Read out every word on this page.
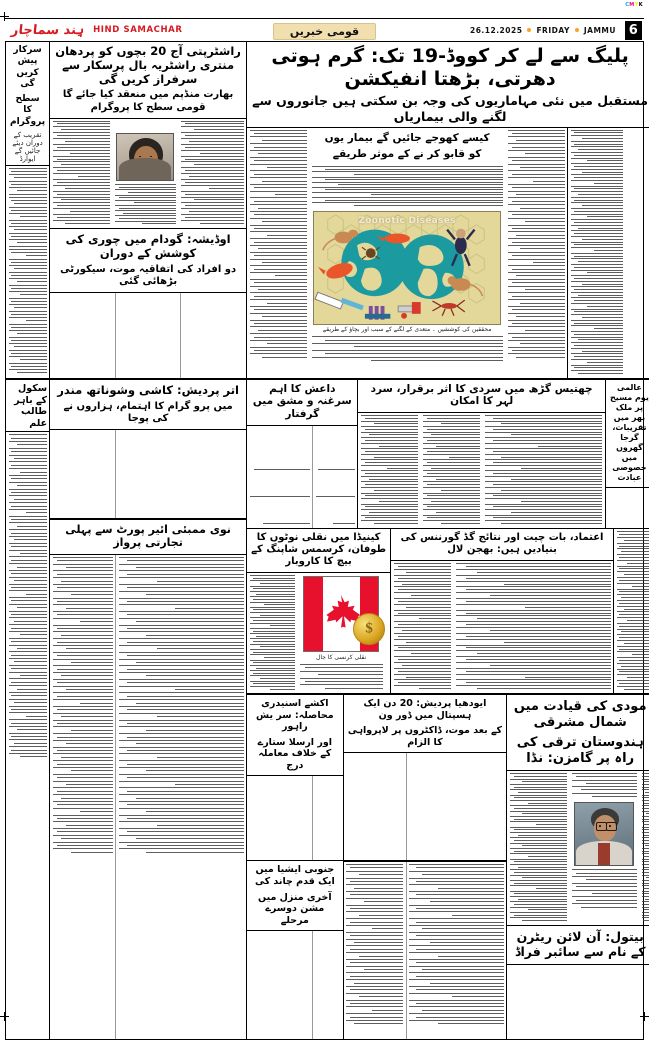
CMYK
ہِند سماچار HIND SAMACHAR	قومی خبریں	26.12.2025 FRIDAY JAMMU 6
سرکار پیش کریں گی
سطح کا پروگرام
تقریب کے دوران دیئے جائیں گے ایوارڈ
سکول کے باہر طالب علم
راشٹرپتی آج 20 بچوں کو پردھان منتری راشٹریہ بال پرسکار سے سرفراز کریں گی
بھارت منڈپم میں منعقد کیا جائے گا قومی سطح کا پروگرام
اوڈیشہ: گودام میں چوری کی کوشش کے دوران
دو افراد کی اتفاقیہ موت، سیکورٹی بڑھائی گئی
اتر پردیش: کاشی وشوناتھ مندر
میں پرو گرام کا اہتمام، ہزاروں نے کی پوجا
نوی ممبئی ائیر پورٹ سے پہلی تجارتی پرواز
پلیگ سے لے کر کووڈ-19 تک: گرم ہوتی دھرتی، بڑھتا انفیکشن
مستقبل میں نئی مہاماریوں کی وجہ بن سکتی ہیں جانوروں سے لگنے والی بیماریاں
کیسے کھوجے جائیں گے بیمار یوں
کو قابو کر نے کے موثر طریقے
Zoonotic Diseases
محققین کی کوششیں ۔ متعدی کے لگنے کے سبب اور بچاؤ کے طریقے
داعش کا اہم سرغنہ و مشق میں گرفتار
چھتیس گڑھ میں سردی کا اثر برقرار، سرد لہر کا امکان
عالمی یوم مسیح پر ملک بھر میں تقریبات، گرجا گھروں میں خصوصی عبادت
کینیڈا میں نقلی نوٹوں کا طوفان، کرسمس شاپنگ کے بیچ کا کاروبار
$
نقلی کرنسی کا جال
اعتماد، بات چیت اور نتائج گڈ گورننس کی بنیادیں ہیں: بھجن لال
اکشے اسنیدری محاصلہ: سر یش راہور
اور ارسلا ستارے کے خلاف معاملہ درج
جنوبی ایشیا میں ایک قدم چاند کی
آخری منزل میں مشن دوسرے مرحلے
ایودھیا پردیش: 20 دن ایک ہسپتال میں ڈور ون
کے بعد موت، ڈاکٹروں پر لاپرواہی کا الزام
مودی کی قیادت میں شمال مشرقی
ہندوستان ترقی کی راہ پر گامزن: نڈا
بیتول: آن لائن ریٹرن کے نام سے سائبر فراڈ
